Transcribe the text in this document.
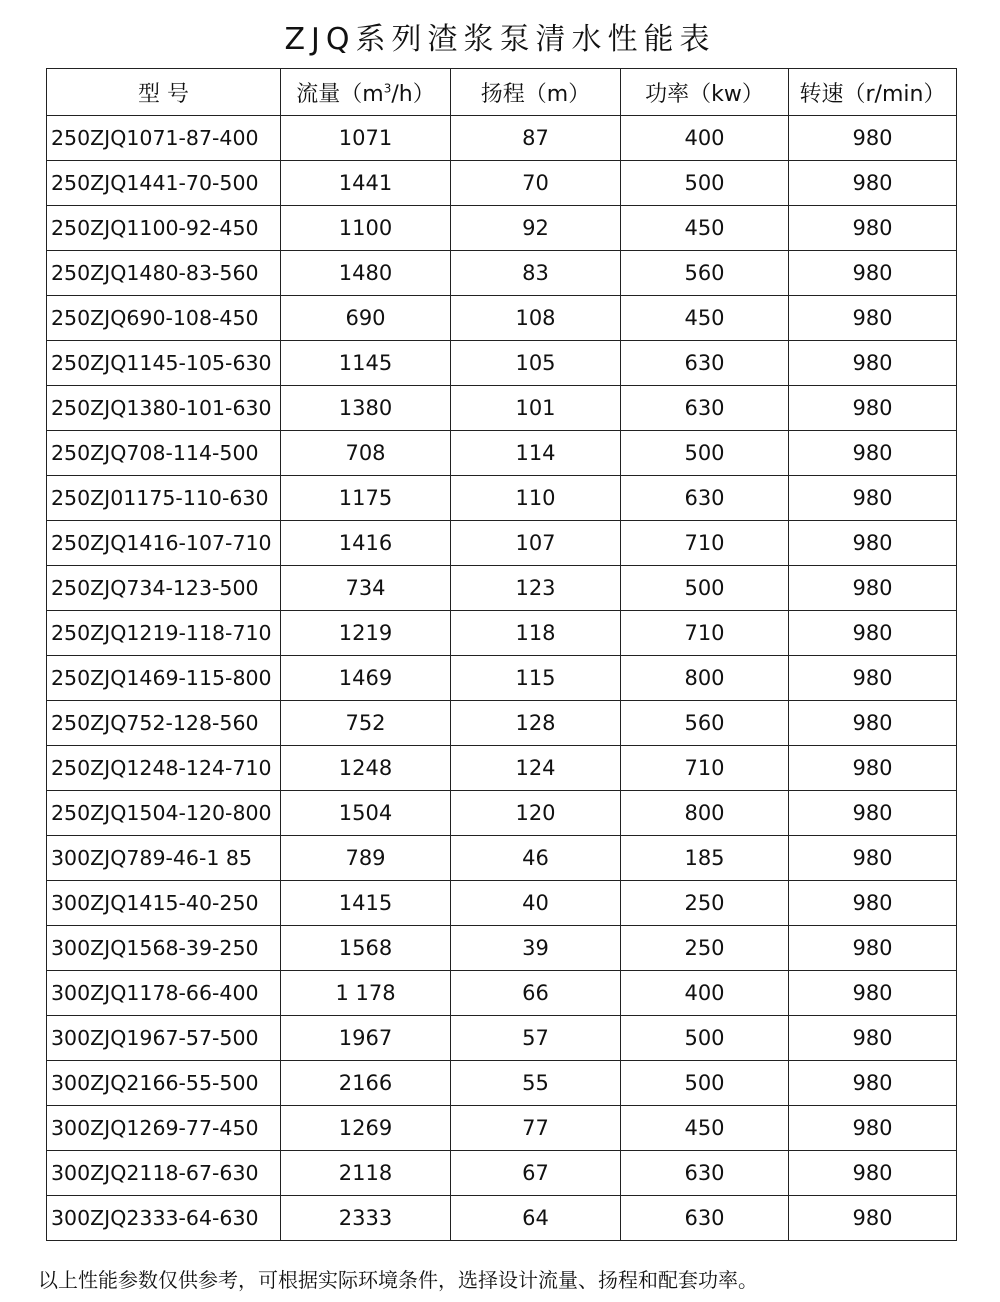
ZJQ系列渣浆泵清水性能表
型 号	流量$(m^3/h)$	扬程（m）	功率（kw）	转速（r/min）
250ZJQ1071-87-400	1071	87	400	980
250ZJQ1441-70-500	1441	70	500	980
250ZJQ1100-92-450	1100	92	450	980
250ZJQ1480-83-560	1480	83	560	980
250ZJQ690-108-450	690	108	450	980
250ZJQ1145-105-630	1145	105	630	980
250ZJQ1380-101-630	1380	101	630	980
250ZJQ708-114-500	708	114	500	980
250ZJ01175-110-630	1175	110	630	980
250ZJQ1416-107-710	1416	107	710	980
250ZJQ734-123-500	734	123	500	980
250ZJQ1219-118-710	1219	118	710	980
250ZJQ1469-115-800	1469	115	800	980
250ZJQ752-128-560	752	128	560	980
250ZJQ1248-124-710	1248	124	710	980
250ZJQ1504-120-800	1504	120	800	980
300ZJQ789-46-1 85	789	46	185	980
300ZJQ1415-40-250	1415	40	250	980
300ZJQ1568-39-250	1568	39	250	980
300ZJQ1178-66-400	1 178	66	400	980
300ZJQ1967-57-500	1967	57	500	980
300ZJQ2166-55-500	2166	55	500	980
300ZJQ1269-77-450	1269	77	450	980
300ZJQ2118-67-630	2118	67	630	980
300ZJQ2333-64-630	2333	64	630	980
以上性能参数仅供参考，可根据实际环境条件，选择设计流量、扬程和配套功率。
